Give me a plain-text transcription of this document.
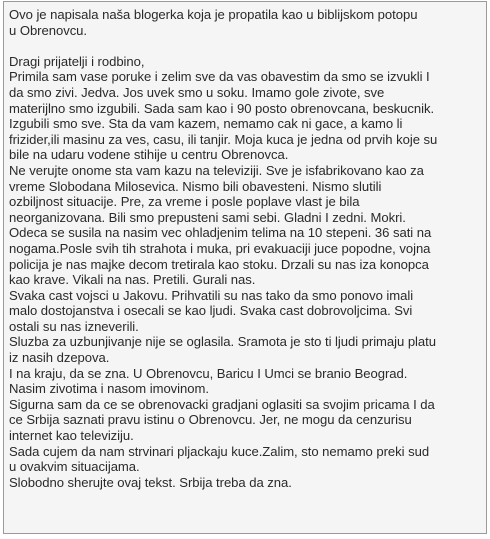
Ovo je napisala naša blogerka koja je propatila kao u biblijskom potopu
u Obrenovcu.
Dragi prijatelji i rodbino,
Primila sam vase poruke i zelim sve da vas obavestim da smo se izvukli I
da smo zivi. Jedva. Jos uvek smo u soku. Imamo gole zivote, sve
materijlno smo izgubili. Sada sam kao i 90 posto obrenovcana, beskucnik.
Izgubili smo sve. Sta da vam kazem, nemamo cak ni gace, a kamo li
frizider,ili masinu za ves, casu, ili tanjir. Moja kuca je jedna od prvih koje su
bile na udaru vodene stihije u centru Obrenovca.
Ne verujte onome sta vam kazu na televiziji. Sve je isfabrikovano kao za
vreme Slobodana Milosevica. Nismo bili obavesteni. Nismo slutili
ozbiljnost situacije. Pre, za vreme i posle poplave vlast je bila
neorganizovana. Bili smo prepusteni sami sebi. Gladni I zedni. Mokri.
Odeca se susila na nasim vec ohladjenim telima na 10 stepeni. 36 sati na
nogama.Posle svih tih strahota i muka, pri evakuaciji juce popodne, vojna
policija je nas majke decom tretirala kao stoku. Drzali su nas iza konopca
kao krave. Vikali na nas. Pretili. Gurali nas.
Svaka cast vojsci u Jakovu. Prihvatili su nas tako da smo ponovo imali
malo dostojanstva i osecali se kao ljudi. Svaka cast dobrovoljcima. Svi
ostali su nas izneverili.
Sluzba za uzbunjivanje nije se oglasila. Sramota je sto ti ljudi primaju platu
iz nasih dzepova.
I na kraju, da se zna. U Obrenovcu, Baricu I Umci se branio Beograd.
Nasim zivotima i nasom imovinom.
Sigurna sam da ce se obrenovacki gradjani oglasiti sa svojim pricama I da
ce Srbija saznati pravu istinu o Obrenovcu. Jer, ne mogu da cenzurisu
internet kao televiziju.
Sada cujem da nam strvinari pljackaju kuce.Zalim, sto nemamo preki sud
u ovakvim situacijama.
Slobodno sherujte ovaj tekst. Srbija treba da zna.
